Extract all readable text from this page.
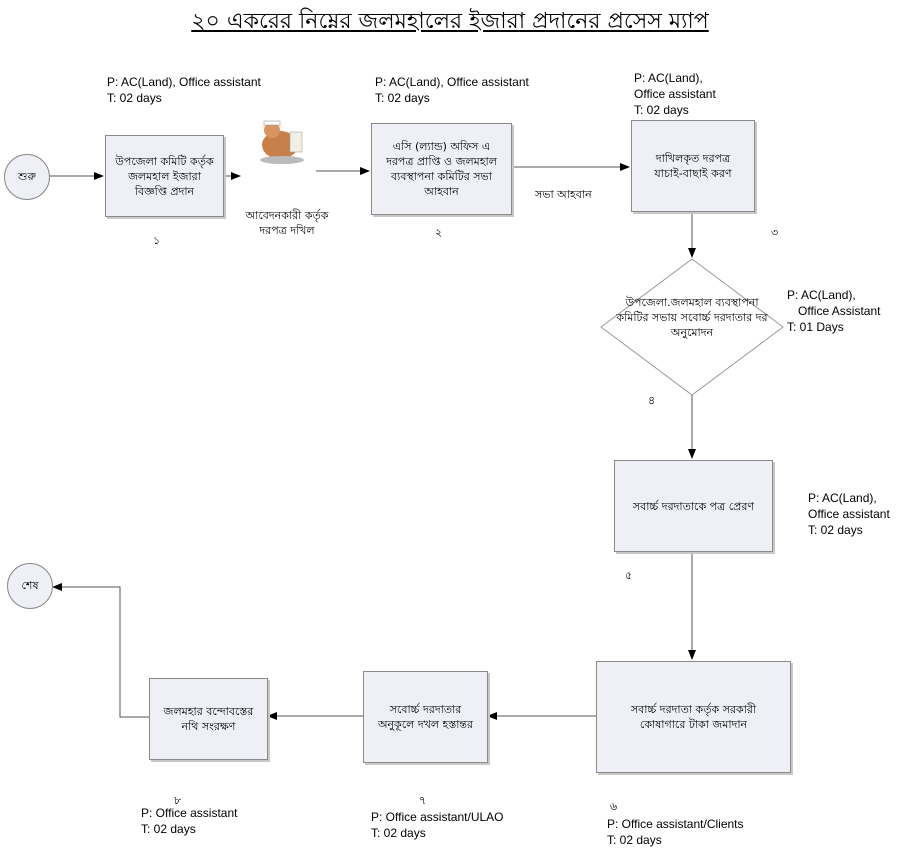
২০ একরের নিম্নের জলমহালের ইজারা প্রদানের প্রসেস ম্যাপ
শুরু
শেষ
উপজেলা কমিটি কর্তৃক জলমহাল ইজারা বিজ্ঞপ্তি প্রদান
এসি (ল্যান্ড) অফিস এ দরপত্র প্রাপ্তি ও জলমহাল ব্যবস্থাপনা কমিটির সভা আহবান
দাখিলকৃত দরপত্র যাচাই-বাছাই করণ
উপজেলা.জলমহাল ব্যবস্থাপনা কমিটির সভায় সবোর্চ্চ দরদাতার দর অনুমোদন
সবার্চ্চ দরদাতাকে পত্র প্রেরণ
সবার্চ্চ দরদাতা কর্তৃক সরকারী কোষাগারে টাকা জমাদান
সবোর্চ্চ দরদাতার অনুকূলে দখল হস্তান্তর
জলমহার বন্দোবস্তের নথি সংরক্ষণ
আবেদনকারী কর্তৃক দরপত্র দখিল
সভা আহবান
১
২	৩
৪
৫
৬
৭
৮
P: AC(Land), Office assistant
T: 02 days
P: AC(Land), Office assistant
T: 02 days
P: AC(Land),
Office assistant
T: 02 days
P: AC(Land),
Office Assistant
T: 01 Days
P: AC(Land),
Office assistant
T: 02 days
P: Office assistant/Clients
T: 02 days
P: Office assistant/ULAO
T: 02 days
P: Office assistant
T: 02 days
